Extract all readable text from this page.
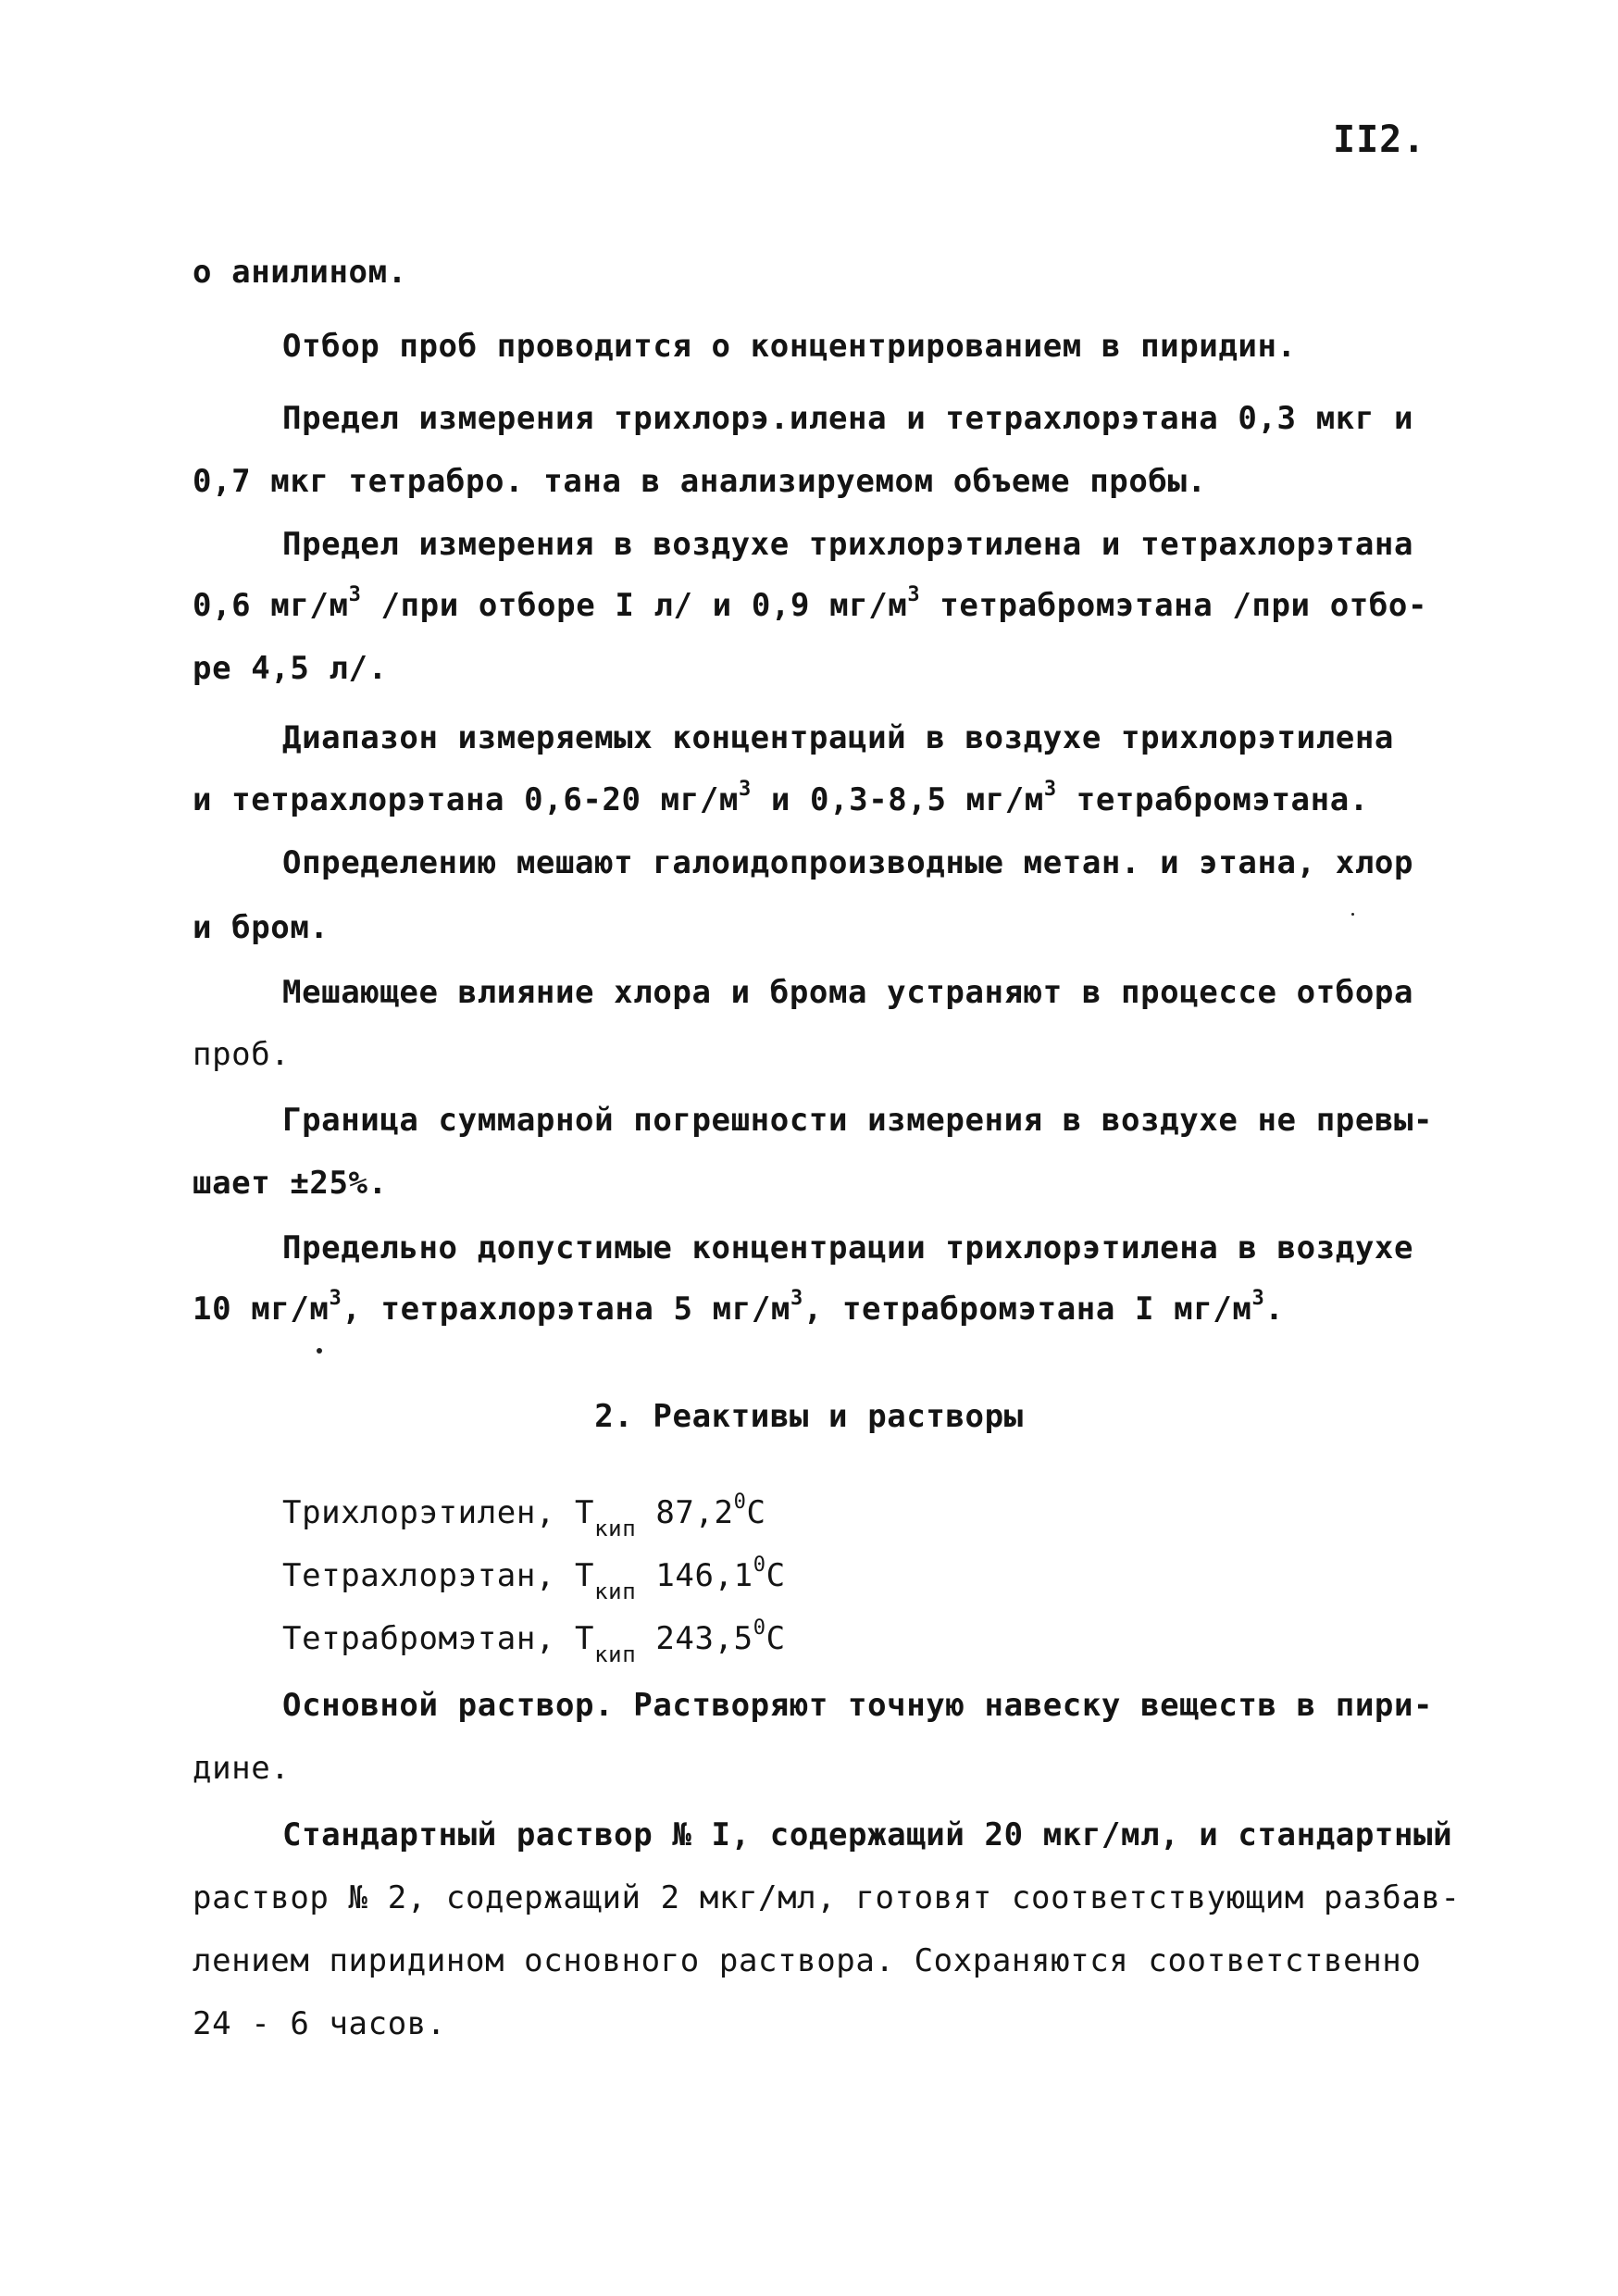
II2.
о анилином.
Отбор проб проводится о концентрированием в пиридин.
Предел измерения трихлорэ.илена и тетрахлорэтана 0,3 мкг и
0,7 мкг тетрабро. тана в анализируемом объеме пробы.
Предел измерения в воздухе трихлорэтилена и тетрахлорэтана
0,6 $мг/м^3$ /при отборе I л/ и 0,9 $мг/м^3$ тетрабромэтана /при отбо-
ре 4,5 л/.
Диапазон измеряемых концентраций в воздухе трихлорэтилена
и тетрахлорэтана 0,6-20 $мг/м^3$ и 0,3-8,5 $мг/м^3$ тетрабромэтана.
Определению мешают галоидопроизводные метан. и этана, хлор
и бром.
Мешающее влияние хлора и брома устраняют в процессе отбора
проб.
Граница суммарной погрешности измерения в воздухе не превы-
шает ±25%.
Предельно допустимые концентрации трихлорэтилена в воздухе
10 $мг/м^3$, тетрахлорэтана 5 $мг/м^3$, тетрабромэтана I $мг/м^3$.
2. Реактивы и растворы
Трихлорэтилен, $Т_{кип}$ 87,2$^0$С
Тетрахлорэтан, $Т_{кип}$ 146,1$^0$С
Тетрабромэтан, $Т_{кип}$ 243,5$^0$С
Основной раствор. Растворяют точную навеску веществ в пири-
дине.
Стандартный раствор № I, содержащий 20 мкг/мл, и стандартный
раствор № 2, содержащий 2 мкг/мл, готовят соответствующим разбав-
лением пиридином основного раствора. Сохраняются соответственно
24 - 6 часов.
